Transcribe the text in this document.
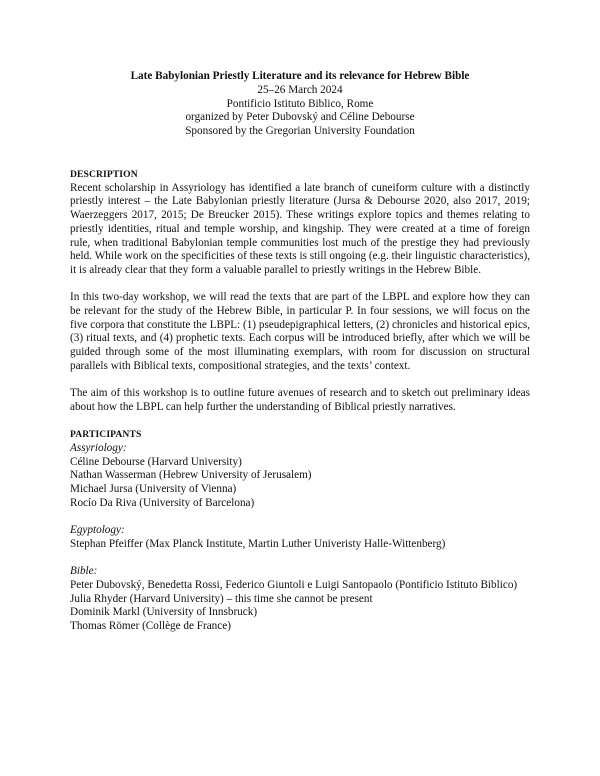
Late Babylonian Priestly Literature and its relevance for Hebrew Bible
25–26 March 2024
Pontificio Istituto Biblico, Rome
organized by Peter Dubovský and Céline Debourse
Sponsored by the Gregorian University Foundation
DESCRIPTION

Recent scholarship in Assyriology has identified a late branch of cuneiform culture with a distinctly priestly interest – the Late Babylonian priestly literature (Jursa & Debourse 2020, also 2017, 2019; Waerzeggers 2017, 2015; De Breucker 2015). These writings explore topics and themes relating to priestly identities, ritual and temple worship, and kingship. They were created at a time of foreign rule, when traditional Babylonian temple communities lost much of the prestige they had previously held. While work on the specificities of these texts is still ongoing (e.g. their linguistic characteristics), it is already clear that they form a valuable parallel to priestly writings in the Hebrew Bible.

In this two-day workshop, we will read the texts that are part of the LBPL and explore how they can be relevant for the study of the Hebrew Bible, in particular P. In four sessions, we will focus on the five corpora that constitute the LBPL: (1) pseudepigraphical letters, (2) chronicles and historical epics, (3) ritual texts, and (4) prophetic texts. Each corpus will be introduced briefly, after which we will be guided through some of the most illuminating exemplars, with room for discussion on structural parallels with Biblical texts, compositional strategies, and the texts’ context.

The aim of this workshop is to outline future avenues of research and to sketch out preliminary ideas about how the LBPL can help further the understanding of Biblical priestly narratives.

PARTICIPANTS
Assyriology:
Céline Debourse (Harvard University)
Nathan Wasserman (Hebrew University of Jerusalem)
Michael Jursa (University of Vienna)
Rocío Da Riva (University of Barcelona)
Egyptology:
Stephan Pfeiffer (Max Planck Institute, Martin Luther Univeristy Halle-Wittenberg)
Bible:
Peter Dubovský, Benedetta Rossi, Federico Giuntoli e Luigi Santopaolo (Pontificio Istituto Biblico)
Julia Rhyder (Harvard University) – this time she cannot be present
Dominik Markl (University of Innsbruck)
Thomas Römer (Collège de France)
